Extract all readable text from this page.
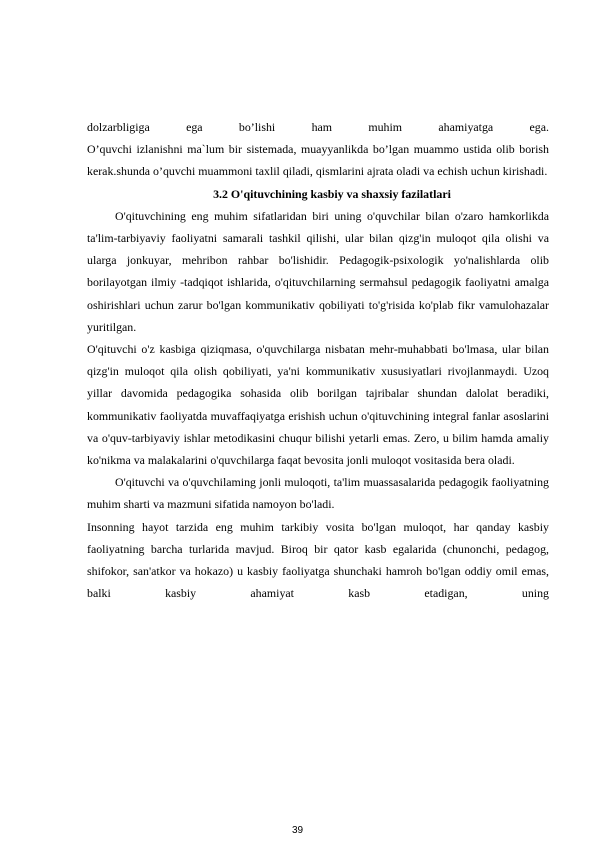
dolzarbligiga ega bo’lishi ham muhim ahamiyatga ega.

O’quvchi izlanishni ma`lum bir sistemada, muayyanlikda bo’lgan muammo ustida olib borish kerak.shunda o’quvchi muammoni taxlil qiladi, qismlarini ajrata oladi va echish uchun kirishadi.

3.2 O'qituvchining kasbiy va shaxsiy fazilatlari

O'qituvchining eng muhim sifatlaridan biri uning o'quvchilar bilan o'zaro hamkorlikda ta'lim-tarbiyaviy faoliyatni samarali tashkil qilishi, ular bilan qizg'in muloqot qila olishi va ularga jonkuyar, mehribon rahbar bo'lishidir. Pedagogik-psixologik yo'nalishlarda olib borilayotgan ilmiy -tadqiqot ishlarida, o'qituvchilarning sermahsul pedagogik faoliyatni amalga oshirishlari uchun zarur bo'lgan kommunikativ qobiliyati to'g'risida ko'plab fikr vamulohazalar yuritilgan.

O'qituvchi o'z kasbiga qiziqmasa, o'quvchilarga nisbatan mehr-muhabbati bo'lmasa, ular bilan qizg'in muloqot qila olish qobiliyati, ya'ni kommunikativ xususiyatlari rivojlanmaydi. Uzoq yillar davomida pedagogika sohasida olib borilgan tajribalar shundan dalolat beradiki, kommunikativ faoliyatda muvaffaqiyatga erishish uchun o'qituvchining integral fanlar asoslarini va o'quv-tarbiyaviy ishlar metodikasini chuqur bilishi yetarli emas. Zero, u bilim hamda amaliy ko'nikma va malakalarini o'quvchilarga faqat bevosita jonli muloqot vositasida bera oladi.

O'qituvchi va o'quvchilaming jonli muloqoti, ta'lim muassasalarida pedagogik faoliyatning muhim sharti va mazmuni sifatida namoyon bo'ladi.

Insonning hayot tarzida eng muhim tarkibiy vosita bo'lgan muloqot, har qanday kasbiy faoliyatning barcha turlarida mavjud. Biroq bir qator kasb egalarida (chunonchi, pedagog, shifokor, san'atkor va hokazo) u kasbiy faoliyatga shunchaki hamroh bo'lgan oddiy omil emas, balki kasbiy ahamiyat kasb etadigan, uning

39
